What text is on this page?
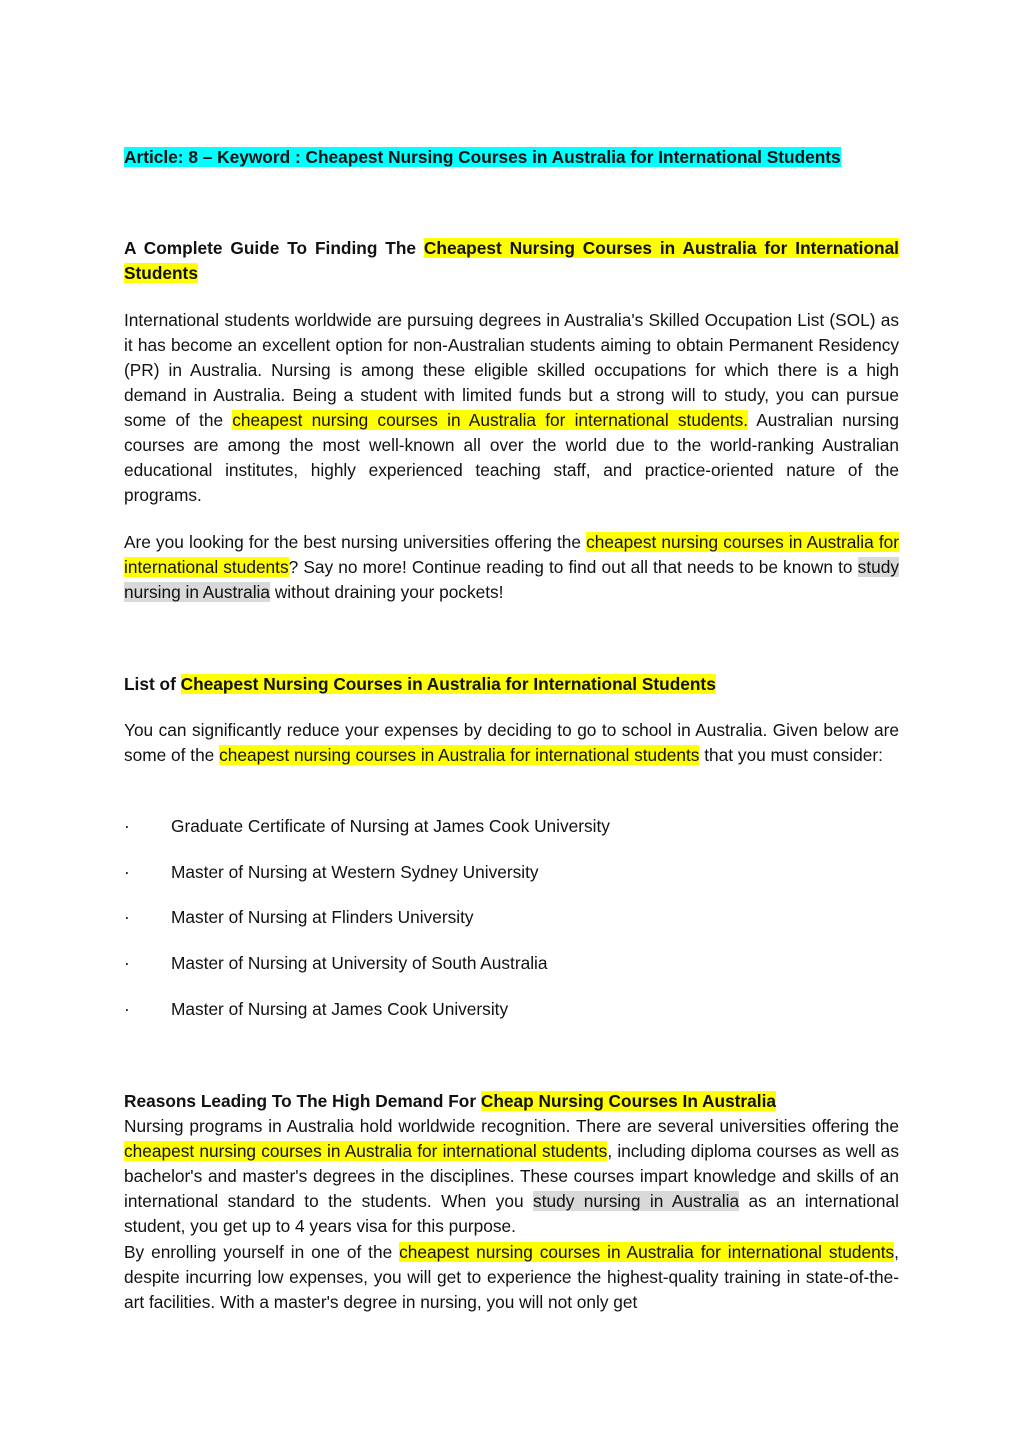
Article: 8 – Keyword : Cheapest Nursing Courses in Australia for International Students
A Complete Guide To Finding The Cheapest Nursing Courses in Australia for International Students
International students worldwide are pursuing degrees in Australia's Skilled Occupation List (SOL) as it has become an excellent option for non-Australian students aiming to obtain Permanent Residency (PR) in Australia. Nursing is among these eligible skilled occupations for which there is a high demand in Australia. Being a student with limited funds but a strong will to study, you can pursue some of the cheapest nursing courses in Australia for international students. Australian nursing courses are among the most well-known all over the world due to the world-ranking Australian educational institutes, highly experienced teaching staff, and practice-oriented nature of the programs.
Are you looking for the best nursing universities offering the cheapest nursing courses in Australia for international students? Say no more! Continue reading to find out all that needs to be known to study nursing in Australia without draining your pockets!
List of Cheapest Nursing Courses in Australia for International Students
You can significantly reduce your expenses by deciding to go to school in Australia. Given below are some of the cheapest nursing courses in Australia for international students that you must consider:
· Graduate Certificate of Nursing at James Cook University
· Master of Nursing at Western Sydney University
· Master of Nursing at Flinders University
· Master of Nursing at University of South Australia
· Master of Nursing at James Cook University
Reasons Leading To The High Demand For Cheap Nursing Courses In Australia
Nursing programs in Australia hold worldwide recognition. There are several universities offering the cheapest nursing courses in Australia for international students, including diploma courses as well as bachelor's and master's degrees in the disciplines. These courses impart knowledge and skills of an international standard to the students. When you study nursing in Australia as an international student, you get up to 4 years visa for this purpose.
By enrolling yourself in one of the cheapest nursing courses in Australia for international students, despite incurring low expenses, you will get to experience the highest-quality training in state-of-the-art facilities. With a master's degree in nursing, you will not only get
